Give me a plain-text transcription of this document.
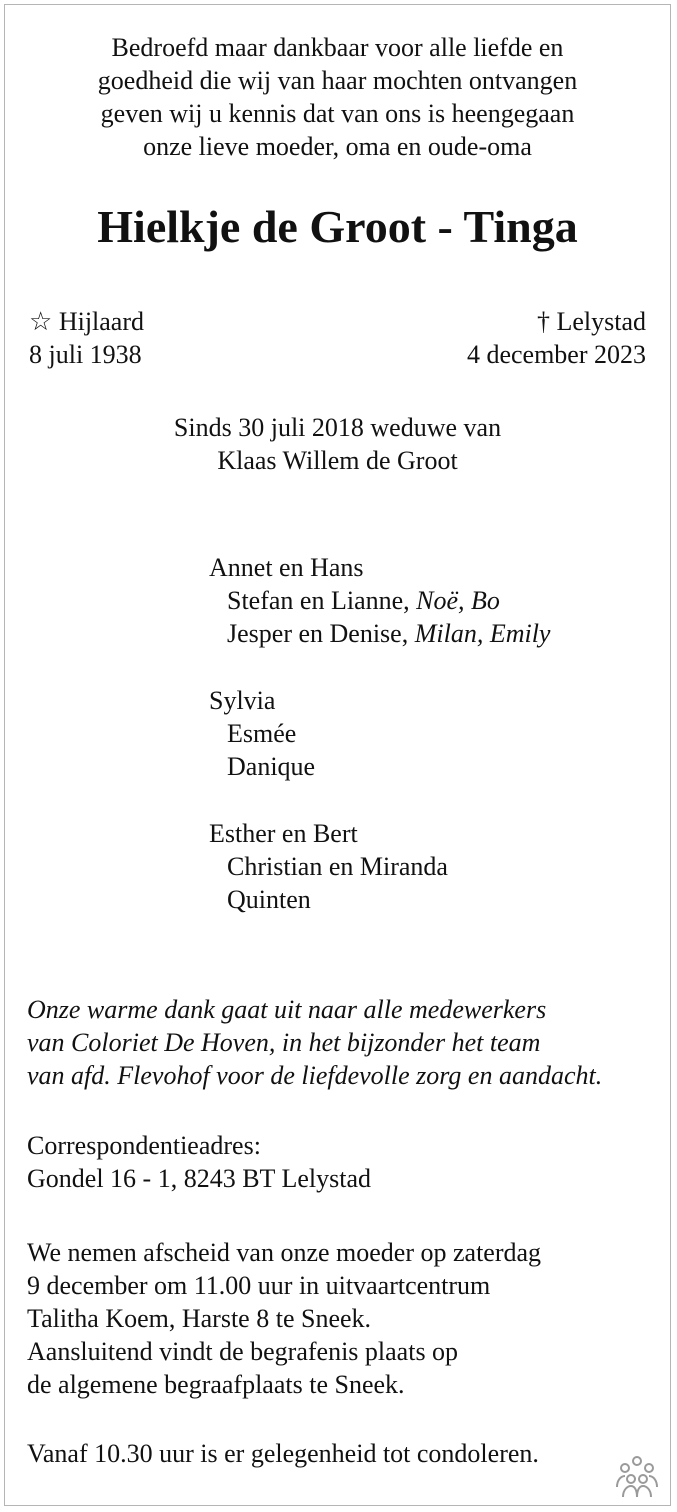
Bedroefd maar dankbaar voor alle liefde en
goedheid die wij van haar mochten ontvangen
geven wij u kennis dat van ons is heengegaan
onze lieve moeder, oma en oude-oma
Hielkje de Groot - Tinga
☆ Hijlaard
8 juli 1938
† Lelystad
4 december 2023
Sinds 30 juli 2018 weduwe van
Klaas Willem de Groot
Annet en Hans
Stefan en Lianne, Noë, Bo
Jesper en Denise, Milan, Emily
Sylvia
Esmée
Danique
Esther en Bert
Christian en Miranda
Quinten
Onze warme dank gaat uit naar alle medewerkers
van Coloriet De Hoven, in het bijzonder het team
van afd. Flevohof voor de liefdevolle zorg en aandacht.
Correspondentieadres:
Gondel 16 - 1, 8243 BT Lelystad
We nemen afscheid van onze moeder op zaterdag
9 december om 11.00 uur in uitvaartcentrum
Talitha Koem, Harste 8 te Sneek.
Aansluitend vindt de begrafenis plaats op
de algemene begraafplaats te Sneek.
Vanaf 10.30 uur is er gelegenheid tot condoleren.
